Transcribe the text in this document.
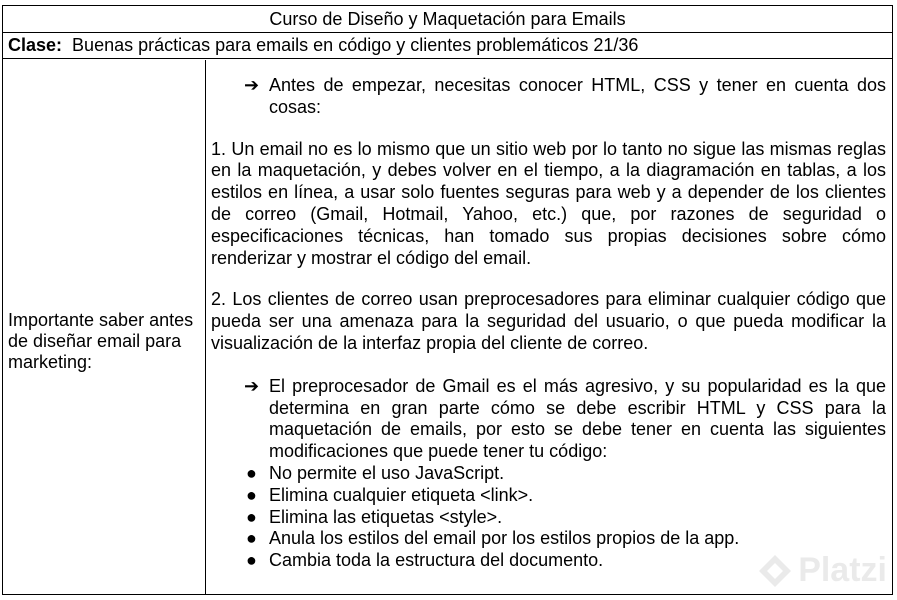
Curso de Diseño y Maquetación para Emails
Clase: Buenas prácticas para emails en código y clientes problemáticos 21/36
Importante saber antes de diseñar email para marketing:
➔ Antes de empezar, necesitas conocer HTML, CSS y tener en cuenta dos cosas:

1. Un email no es lo mismo que un sitio web por lo tanto no sigue las mismas reglas en la maquetación, y debes volver en el tiempo, a la diagramación en tablas, a los estilos en línea, a usar solo fuentes seguras para web y a depender de los clientes de correo (Gmail, Hotmail, Yahoo, etc.) que, por razones de seguridad o especificaciones técnicas, han tomado sus propias decisiones sobre cómo renderizar y mostrar el código del email.

2. Los clientes de correo usan preprocesadores para eliminar cualquier código que pueda ser una amenaza para la seguridad del usuario, o que pueda modificar la visualización de la interfaz propia del cliente de correo.

➔ El preprocesador de Gmail es el más agresivo, y su popularidad es la que determina en gran parte cómo se debe escribir HTML y CSS para la maquetación de emails, por esto se debe tener en cuenta las siguientes modificaciones que puede tener tu código:
● No permite el uso JavaScript.
● Elimina cualquier etiqueta <link>.
● Elimina las etiquetas <style>.
● Anula los estilos del email por los estilos propios de la app.
● Cambia toda la estructura del documento.	Platzi
